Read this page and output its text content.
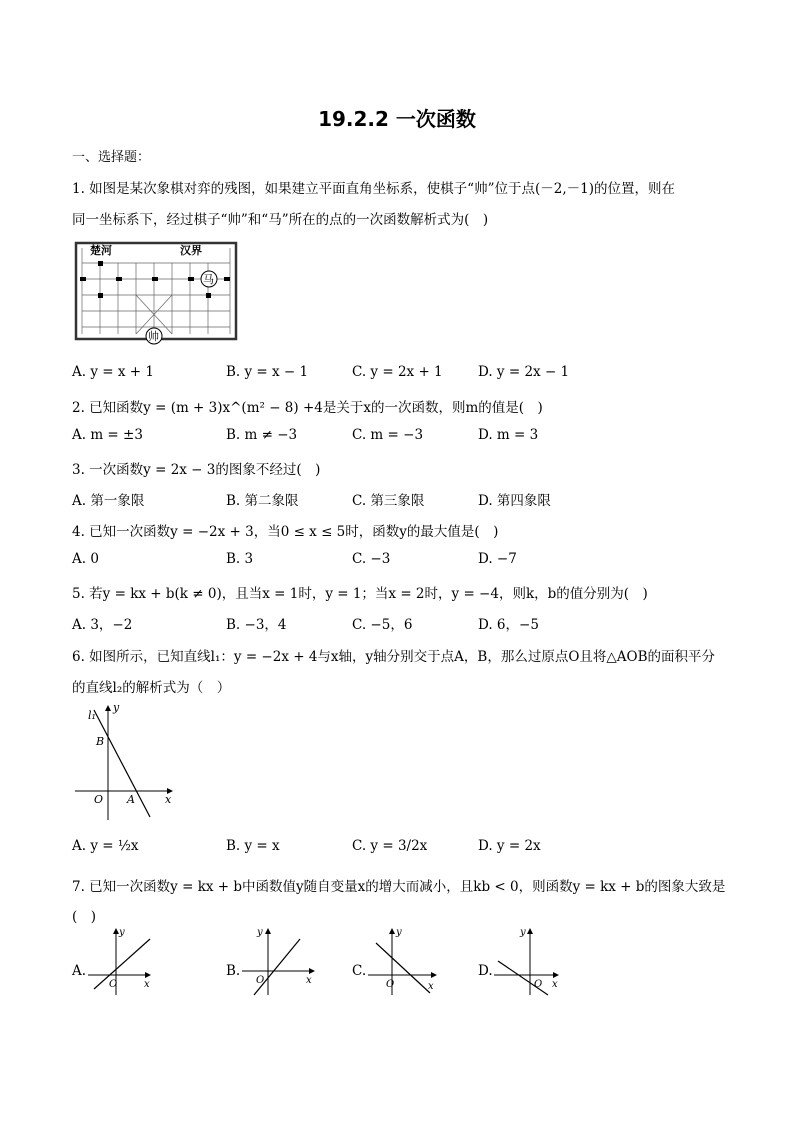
19.2.2 一次函数
一、选择题：
1. 如图是某次象棋对弈的残图，如果建立平面直角坐标系，使棋子“帅”位于点(－2,－1)的位置，则在
同一坐标系下，经过棋子“帅”和“马”所在的点的一次函数解析式为(　)
楚河	汉界
马
帅
A. y = x + 1	B. y = x − 1	C. y = 2x + 1	D. y = 2x − 1
2. 已知函数y = (m + 3)x^(m² − 8) +4是关于x的一次函数，则m的值是(　)
A. m = ±3	B. m ≠ −3	C. m = −3	D. m = 3
3. 一次函数y = 2x − 3的图象不经过(　)
A. 第一象限	B. 第二象限	C. 第三象限	D. 第四象限
4. 已知一次函数y = −2x + 3，当0 ≤ x ≤ 5时，函数y的最大值是(　)
A. 0	B. 3	C. −3	D. −7
5. 若y = kx + b(k ≠ 0)，且当x = 1时，y = 1；当x = 2时，y = −4，则k，b的值分别为(　)
A. 3，−2	B. −3，4	C. −5，6	D. 6，−5
6. 如图所示，已知直线l₁：y = −2x + 4与x轴，y轴分别交于点A，B，那么过原点O且将△AOB的面积平分
的直线l₂的解析式为（　）
l₁
y
B
O A	x
A. y = ½x	B. y = x	C. y = 3/2x	D. y = 2x
7. 已知一次函数y = kx + b中函数值y随自变量x的增大而减小，且kb < 0，则函数y = kx + b的图象大致是
(　)
A.
y
O	x
B.
y
O	x
C.
y
O	x
D.
y
O x
